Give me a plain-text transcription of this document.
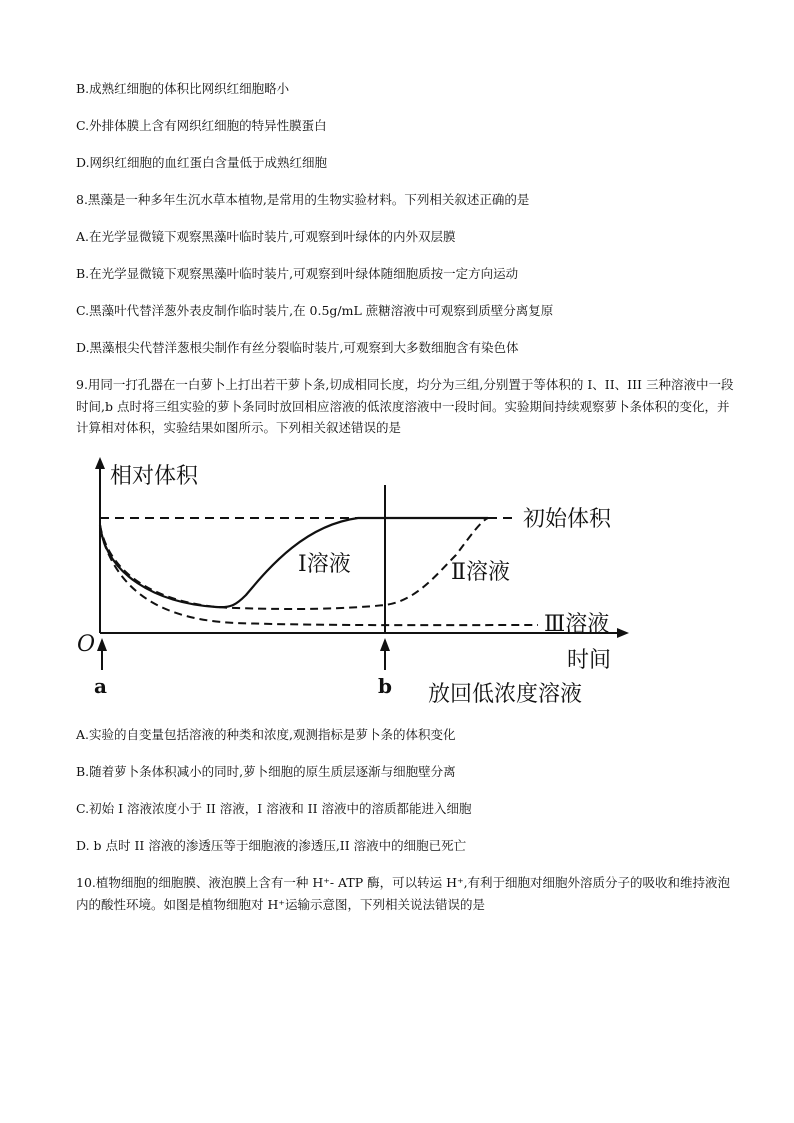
B.成熟红细胞的体积比网织红细胞略小
C.外排体膜上含有网织红细胞的特异性膜蛋白
D.网织红细胞的血红蛋白含量低于成熟红细胞
8.黑藻是一种多年生沉水草本植物,是常用的生物实验材料。下列相关叙述正确的是
A.在光学显微镜下观察黑藻叶临时装片,可观察到叶绿体的内外双层膜
B.在光学显微镜下观察黑藻叶临时装片,可观察到叶绿体随细胞质按一定方向运动
C.黑藻叶代替洋葱外表皮制作临时装片,在 0.5g/mL 蔗糖溶液中可观察到质壁分离复原
D.黑藻根尖代替洋葱根尖制作有丝分裂临时装片,可观察到大多数细胞含有染色体

9.用同一打孔器在一白萝卜上打出若干萝卜条,切成相同长度，均分为三组,分别置于等体积的 I、II、III 三种溶液中一段时间,b 点时将三组实验的萝卜条同时放回相应溶液的低浓度溶液中一段时间。实验期间持续观察萝卜条体积的变化，并计算相对体积，实验结果如图所示。下列相关叙述错误的是

相对体积
时间
O
a	b
初始体积
Ⅰ溶液	Ⅱ溶液
Ⅲ溶液
放回低浓度溶液
A.实验的自变量包括溶液的种类和浓度,观测指标是萝卜条的体积变化
B.随着萝卜条体积减小的同时,萝卜细胞的原生质层逐渐与细胞壁分离
C.初始 I 溶液浓度小于 II 溶液，I 溶液和 II 溶液中的溶质都能进入细胞
D. b 点时 II 溶液的渗透压等于细胞液的渗透压,II 溶液中的细胞已死亡

10.植物细胞的细胞膜、液泡膜上含有一种 H⁺- ATP 酶，可以转运 H⁺,有利于细胞对细胞外溶质分子的吸收和维持液泡内的酸性环境。如图是植物细胞对 H⁺运输示意图，下列相关说法错误的是
